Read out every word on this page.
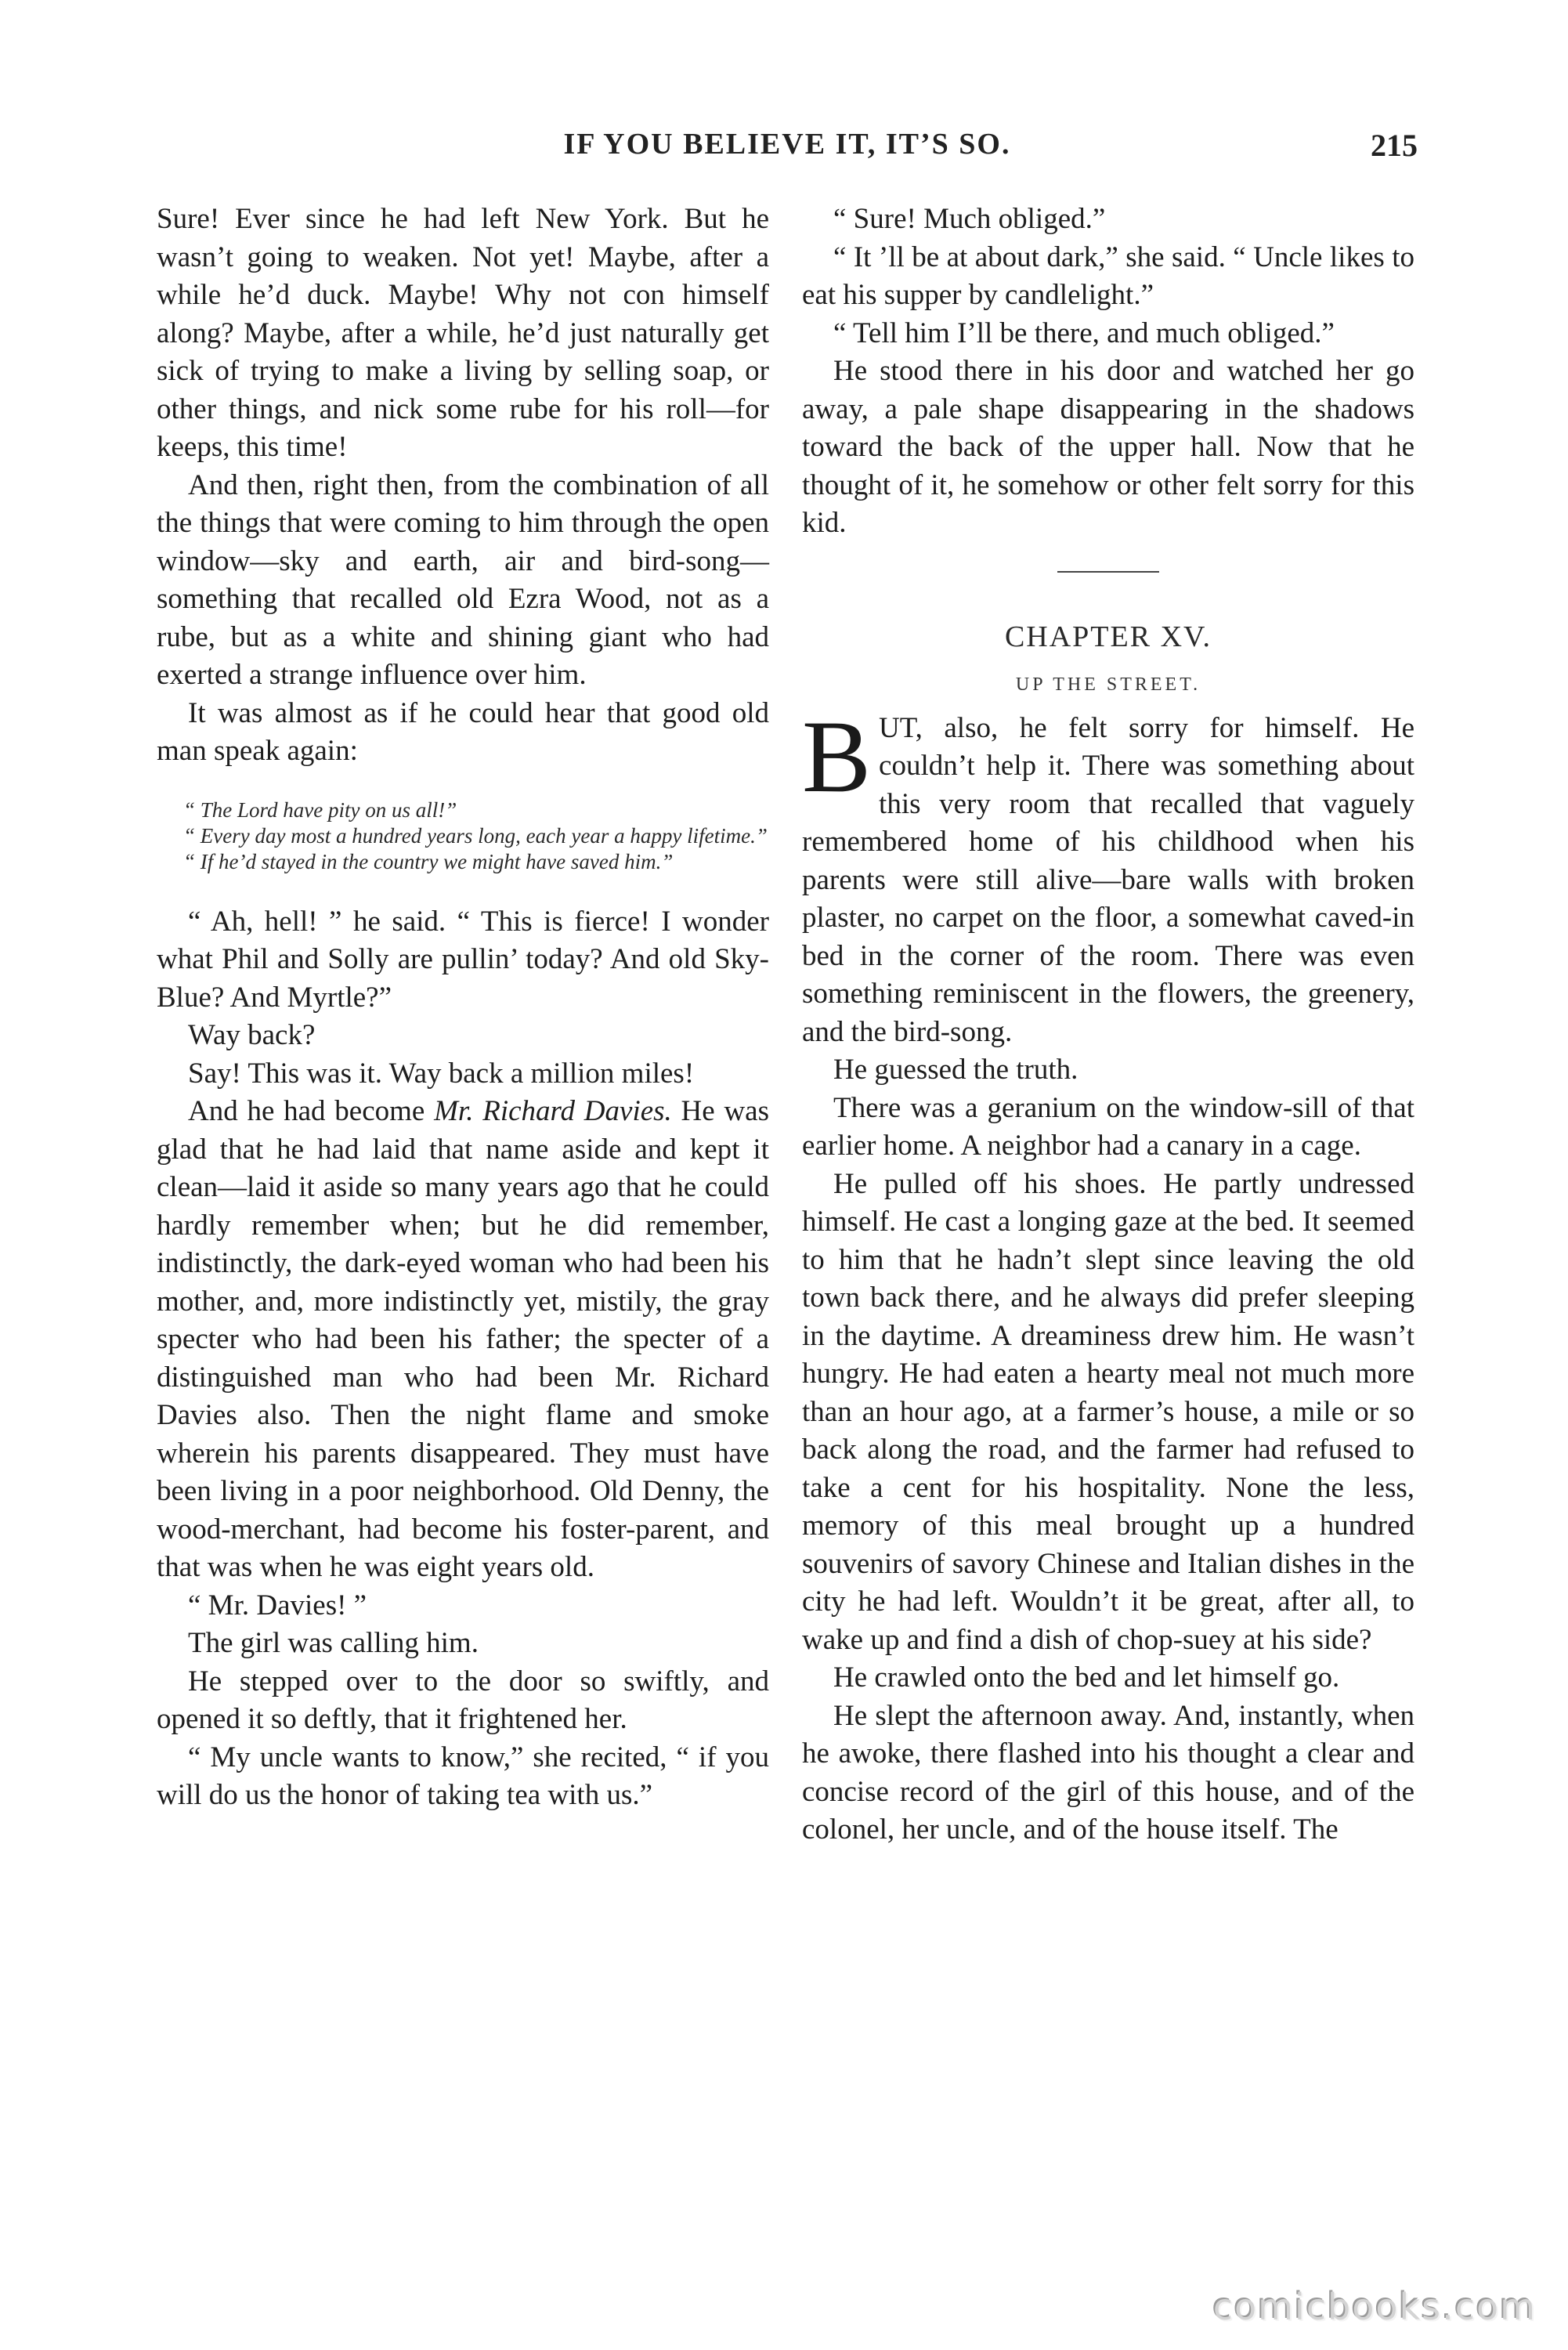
IF YOU BELIEVE IT, IT’S SO.	215

Sure! Ever since he had left New York. But he wasn’t going to weaken. Not yet! Maybe, after a while he’d duck. Maybe! Why not con himself along? Maybe, after a while, he’d just naturally get sick of trying to make a living by selling soap, or other things, and nick some rube for his roll—for keeps, this time!

And then, right then, from the combination of all the things that were coming to him through the open window—sky and earth, air and bird-song—something that recalled old Ezra Wood, not as a rube, but as a white and shining giant who had exerted a strange influence over him.

It was almost as if he could hear that good old man speak again:

“ The Lord have pity on us all!”

“ Every day most a hundred years long, each year a happy lifetime.”

“ If he’d stayed in the country we might have saved him.”

“ Ah, hell! ” he said. “ This is fierce! I wonder what Phil and Solly are pullin’ today? And old Sky-Blue? And Myrtle?”

Way back?

Say! This was it. Way back a million miles!

And he had become Mr. Richard Davies. He was glad that he had laid that name aside and kept it clean—laid it aside so many years ago that he could hardly remember when; but he did remember, indistinctly, the dark-eyed woman who had been his mother, and, more indistinctly yet, mistily, the gray specter who had been his father; the specter of a distinguished man who had been Mr. Richard Davies also. Then the night flame and smoke wherein his parents disappeared. They must have been living in a poor neighborhood. Old Denny, the wood-merchant, had become his foster-parent, and that was when he was eight years old.

“ Mr. Davies! ”

The girl was calling him.

He stepped over to the door so swiftly, and opened it so deftly, that it frightened her.

“ My uncle wants to know,” she recited, “ if you will do us the honor of taking tea with us.”

“ Sure! Much obliged.”

“ It ’ll be at about dark,” she said. “ Uncle likes to eat his supper by candlelight.”

“ Tell him I’ll be there, and much obliged.”

He stood there in his door and watched her go away, a pale shape disappearing in the shadows toward the back of the upper hall. Now that he thought of it, he somehow or other felt sorry for this kid.

CHAPTER XV.
UP THE STREET.

BUT, also, he felt sorry for himself. He couldn’t help it. There was something about this very room that recalled that vaguely remembered home of his childhood when his parents were still alive—bare walls with broken plaster, no carpet on the floor, a somewhat caved-in bed in the corner of the room. There was even something reminiscent in the flowers, the greenery, and the bird-song.

He guessed the truth.

There was a geranium on the window-sill of that earlier home. A neighbor had a canary in a cage.

He pulled off his shoes. He partly undressed himself. He cast a longing gaze at the bed. It seemed to him that he hadn’t slept since leaving the old town back there, and he always did prefer sleeping in the daytime. A dreaminess drew him. He wasn’t hungry. He had eaten a hearty meal not much more than an hour ago, at a farmer’s house, a mile or so back along the road, and the farmer had refused to take a cent for his hospitality. None the less, memory of this meal brought up a hundred souvenirs of savory Chinese and Italian dishes in the city he had left. Wouldn’t it be great, after all, to wake up and find a dish of chop-suey at his side?

He crawled onto the bed and let himself go.

He slept the afternoon away. And, instantly, when he awoke, there flashed into his thought a clear and concise record of the girl of this house, and of the colonel, her uncle, and of the house itself. The

comicbooks.com
